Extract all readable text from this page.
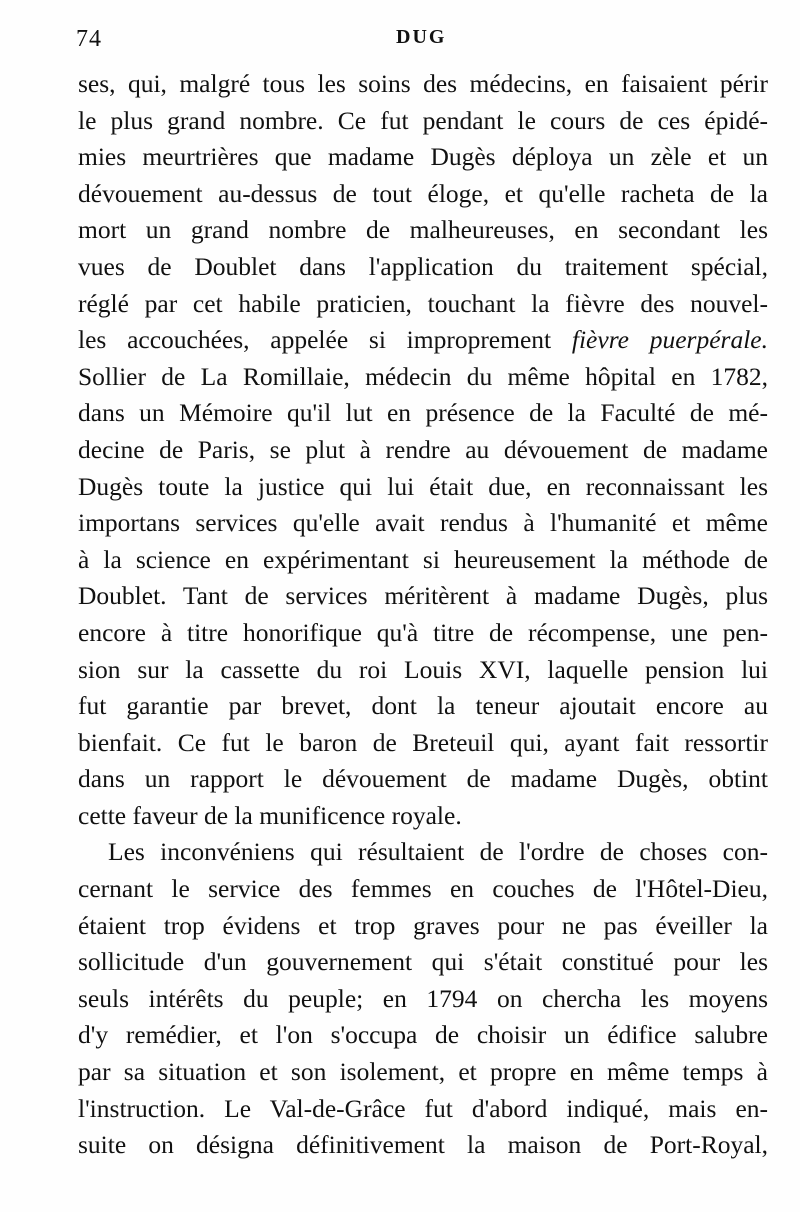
74	DUG
ses, qui, malgré tous les soins des médecins, en faisaient périr
le plus grand nombre. Ce fut pendant le cours de ces épidé-
mies meurtrières que madame Dugès déploya un zèle et un
dévouement au-dessus de tout éloge, et qu'elle racheta de la
mort un grand nombre de malheureuses, en secondant les
vues de Doublet dans l'application du traitement spécial,
réglé par cet habile praticien, touchant la fièvre des nouvel-
les accouchées, appelée si improprement fièvre puerpérale.
Sollier de La Romillaie, médecin du même hôpital en 1782,
dans un Mémoire qu'il lut en présence de la Faculté de mé-
decine de Paris, se plut à rendre au dévouement de madame
Dugès toute la justice qui lui était due, en reconnaissant les
importans services qu'elle avait rendus à l'humanité et même
à la science en expérimentant si heureusement la méthode de
Doublet. Tant de services méritèrent à madame Dugès, plus
encore à titre honorifique qu'à titre de récompense, une pen-
sion sur la cassette du roi Louis XVI, laquelle pension lui
fut garantie par brevet, dont la teneur ajoutait encore au
bienfait. Ce fut le baron de Breteuil qui, ayant fait ressortir
dans un rapport le dévouement de madame Dugès, obtint
cette faveur de la munificence royale.
Les inconvéniens qui résultaient de l'ordre de choses con-
cernant le service des femmes en couches de l'Hôtel-Dieu,
étaient trop évidens et trop graves pour ne pas éveiller la
sollicitude d'un gouvernement qui s'était constitué pour les
seuls intérêts du peuple; en 1794 on chercha les moyens
d'y remédier, et l'on s'occupa de choisir un édifice salubre
par sa situation et son isolement, et propre en même temps à
l'instruction. Le Val-de-Grâce fut d'abord indiqué, mais en-
suite on désigna définitivement la maison de Port-Royal,
